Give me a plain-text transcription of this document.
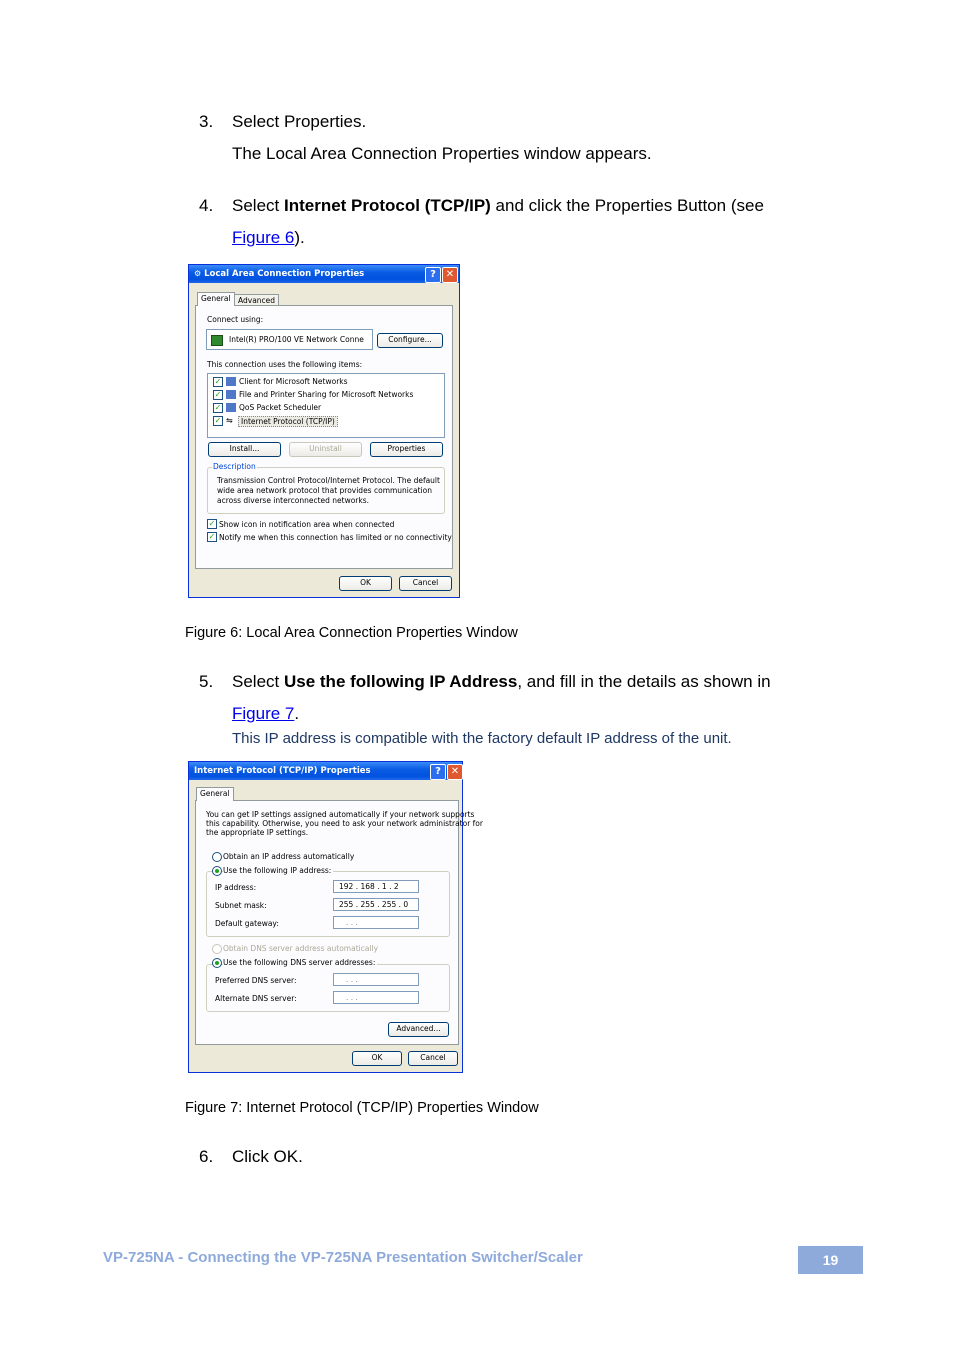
3. Select Properties.
The Local Area Connection Properties window appears.
4. Select Internet Protocol (TCP/IP) and click the Properties Button (see
Figure 6).
⚙ Local Area Connection Properties	? ✕
General Advanced
Connect using:
Intel(R) PRO/100 VE Network Conne	Configure...
This connection uses the following items:
✓ Client for Microsoft Networks
✓ File and Printer Sharing for Microsoft Networks
✓ QoS Packet Scheduler
✓ ⇋	Internet Protocol (TCP/IP)
Install...	Uninstall	Properties
Description
Transmission Control Protocol/Internet Protocol. The default
wide area network protocol that provides communication
across diverse interconnected networks.
✓ Show icon in notification area when connected
✓ Notify me when this connection has limited or no connectivity
OK	Cancel
Figure 6: Local Area Connection Properties Window
5. Select Use the following IP Address, and fill in the details as shown in
Figure 7.
This IP address is compatible with the factory default IP address of the unit.
Internet Protocol (TCP/IP) Properties	? ✕
General
You can get IP settings assigned automatically if your network supports
this capability. Otherwise, you need to ask your network administrator for
the appropriate IP settings.
Obtain an IP address automatically
Use the following IP address:
IP address:	192 . 168 . 1 . 2
Subnet mask:	255 . 255 . 255 . 0
Default gateway:	. . .
Obtain DNS server address automatically
Use the following DNS server addresses:
Preferred DNS server:	. . .
Alternate DNS server:	. . .
Advanced...
OK	Cancel
Figure 7: Internet Protocol (TCP/IP) Properties Window
6. Click OK.
VP-725NA - Connecting the VP-725NA Presentation Switcher/Scaler	19
